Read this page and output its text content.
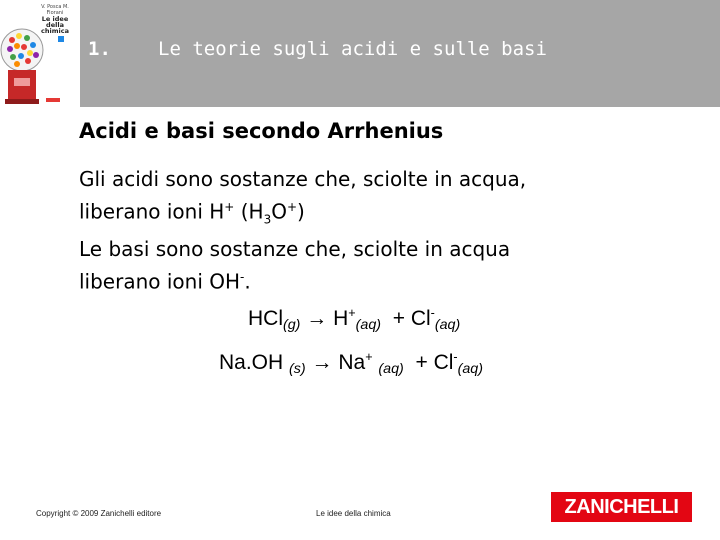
V. Posca M. Fiorani
Le idee della chimica
1. Le teorie sugli acidi e sulle basi
Acidi e basi secondo Arrhenius
Gli acidi sono sostanze che, sciolte in acqua,
liberano ioni H+ $(H_3O^+)$
Le basi sono sostanze che, sciolte in acqua
liberano ioni OH-.
HCl(g) → H+(aq) + Cl-(aq)
Na.OH (s) → Na+ (aq) + Cl-(aq)
Copyright © 2009 Zanichelli editore	Le idee della chimica	ZANICHELLI
